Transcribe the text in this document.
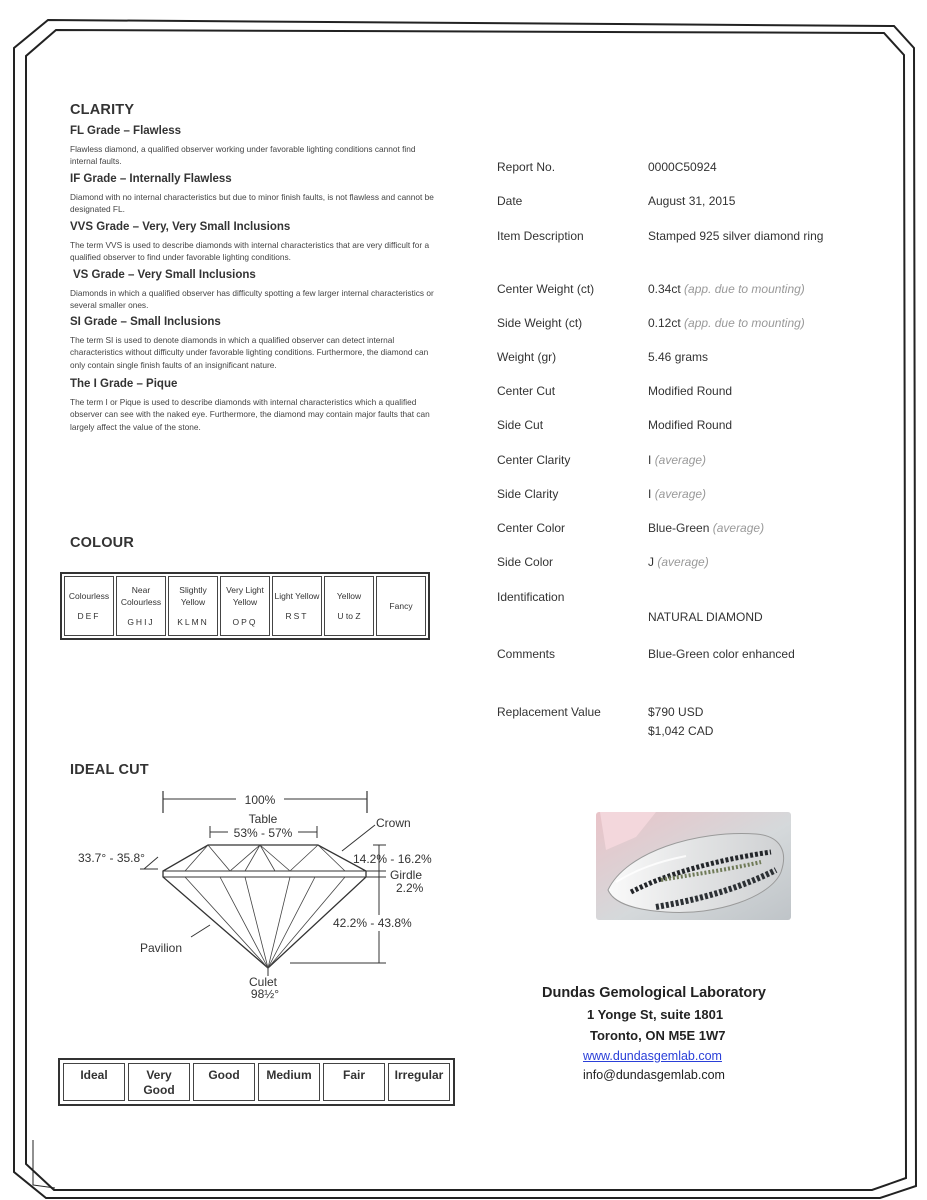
CLARITY
FL Grade – Flawless
Flawless diamond, a qualified observer working under favorable lighting conditions cannot find internal faults.
IF Grade – Internally Flawless
Diamond with no internal characteristics but due to minor finish faults, is not flawless and cannot be designated FL.
VVS Grade – Very, Very Small Inclusions
The term VVS is used to describe diamonds with internal characteristics that are very difficult for a qualified observer to find under favorable lighting conditions.
VS Grade – Very Small Inclusions
Diamonds in which a qualified observer has difficulty spotting a few larger internal characteristics or several smaller ones.
SI Grade – Small Inclusions
The term SI is used to denote diamonds in which a qualified observer can detect internal characteristics without difficulty under favorable lighting conditions. Furthermore, the diamond can only contain single finish faults of an insignificant nature.
The I Grade – Pique
The term I or Pique is used to describe diamonds with internal characteristics which a qualified observer can see with the naked eye. Furthermore, the diamond may contain major faults that can largely affect the value of the stone.
COLOUR
Colourless
DEF
	Near Colourless
GHIJ
	Slightly Yellow
KLMN
	Very Light Yellow
OPQ
	Light Yellow
RST
	Yellow
U to Z
	Fancy
IDEAL CUT
100%
Table
53% - 57%
33.7° - 35.8°
Crown
14.2% - 16.2%
Girdle
2.2%
42.2% - 43.8%
Pavilion
Culet
98½°
Ideal	Very Good	Good	Medium	Fair	Irregular
Report No.	0000C50924
Date	August 31, 2015
Item Description	Stamped 925 silver diamond ring
Center Weight (ct)	0.34ct (app. due to mounting)
Side Weight (ct)	0.12ct (app. due to mounting)
Weight (gr)	5.46 grams
Center Cut	Modified Round
Side Cut	Modified Round
Center Clarity	I (average)
Side Clarity	I (average)
Center Color	Blue-Green (average)
Side Color	J (average)
Identification
NATURAL DIAMOND
Comments	Blue-Green color enhanced
Replacement Value	$790 USD
$1,042 CAD
Dundas Gemological Laboratory
1 Yonge St, suite 1801
Toronto, ON M5E 1W7
www.dundasgemlab.com
info@dundasgemlab.com
